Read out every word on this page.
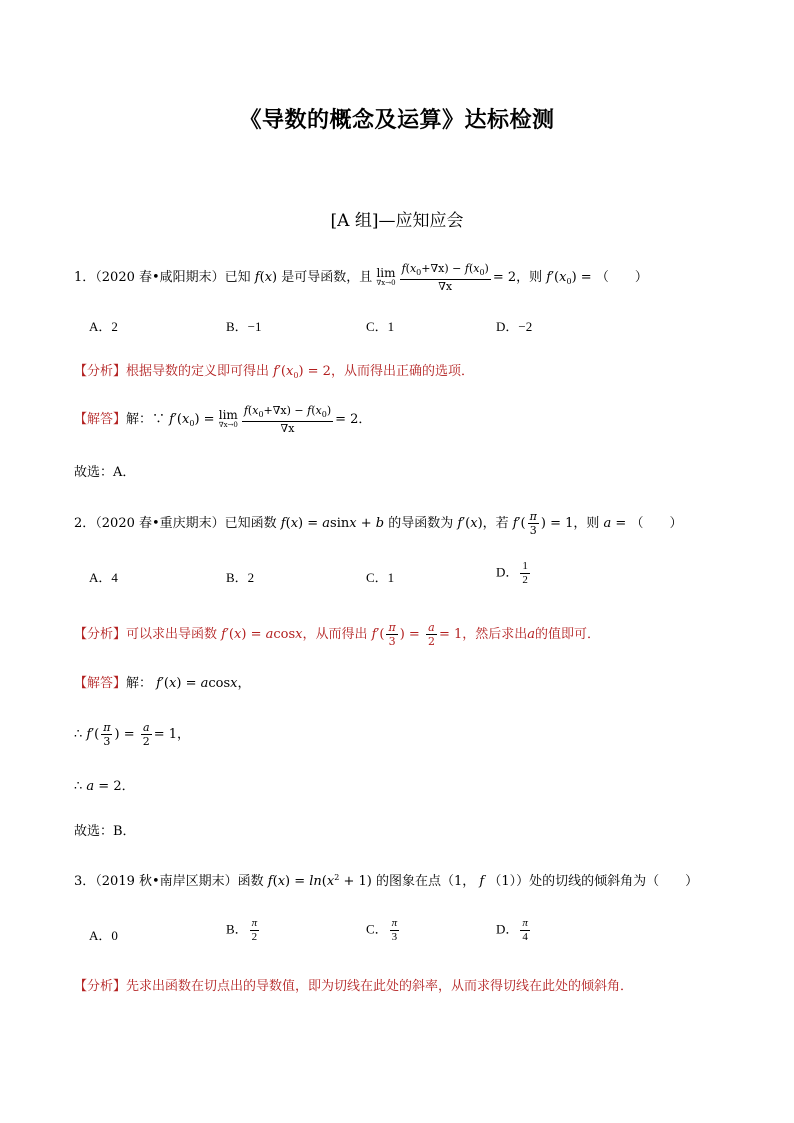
《导数的概念及运算》达标检测
[A 组]—应知应会
1．（2020 春•咸阳期末）已知 f(x) 是可导函数，且 lim
$\nabla x\to 0 \frac{f(x_0+\nabla x) - f(x_0)}{\nabla x} = 2$，则 $f'(x_0)$ = （　　）
A．2	B．−1	C．1	D．−2
【分析】根据导数的定义即可得出 $f'(x_0) = 2$，从而得出正确的选项．
【解答】解：∵ $f'(x_0) = \lim$
$\nabla x\to 0 \frac{f(x_0+\nabla x) - f(x_0)}{\nabla x} = 2$．
故选：A．
2．（2020 春•重庆期末）已知函数 f(x) = asinx + b 的导函数为 f′(x)，若 $f'( \frac{\pi}{3}$ ) = 1，则 a = （　　）
A．4	B．2	C．1	D． $\frac{1}{2}$
【分析】可以求出导函数 f′(x) = acosx，从而得出 $f'( \frac{\pi}{3}$ ) = $\frac{a}{2} = 1$，然后求出a的值即可．
【解答】解： f′(x) = acosx，
∴ $f'( \frac{\pi}{3}$ ) = $\frac{a}{2} = 1$，
∴ a = 2．
故选：B．
3．（2019 秋•南岸区期末）函数 $f(x) = \ln(x^2 + 1)$ 的图象在点（1， f （1））处的切线的倾斜角为（　　）
A．0	B． $\frac{\pi}{2}$	C． $\frac{\pi}{3}$	D． $\frac{\pi}{4}$
【分析】先求出函数在切点出的导数值，即为切线在此处的斜率，从而求得切线在此处的倾斜角．
